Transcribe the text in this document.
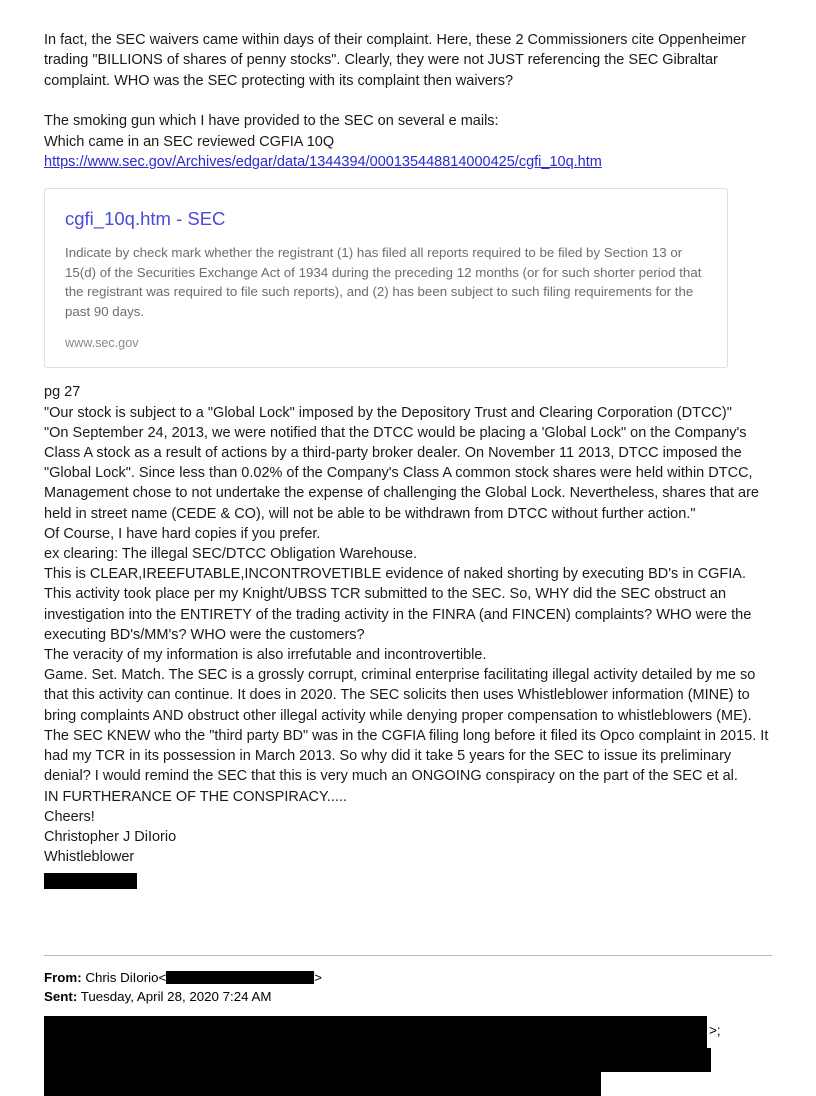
In fact, the SEC waivers came within days of their complaint. Here, these 2 Commissioners cite Oppenheimer trading "BILLIONS of shares of penny stocks". Clearly, they were not JUST referencing the SEC Gibraltar complaint. WHO was the SEC protecting with its complaint then waivers?

The smoking gun which I have provided to the SEC on several e mails:

Which came in an SEC reviewed CGFIA 10Q

https://www.sec.gov/Archives/edgar/data/1344394/000135448814000425/cgfi_10q.htm

cgfi_10q.htm - SEC

Indicate by check mark whether the registrant (1) has filed all reports required to be filed by Section 13 or 15(d) of the Securities Exchange Act of 1934 during the preceding 12 months (or for such shorter period that the registrant was required to file such reports), and (2) has been subject to such filing requirements for the past 90 days.

www.sec.gov

pg 27
"Our stock is subject to a "Global Lock" imposed by the Depository Trust and Clearing Corporation (DTCC)"
"On September 24, 2013, we were notified that the DTCC would be placing a 'Global Lock" on the Company's Class A stock as a result of actions by a third-party broker dealer. On November 11 2013, DTCC imposed the "Global Lock". Since less than 0.02% of the Company's Class A common stock shares were held within DTCC, Management chose to not undertake the expense of challenging the Global Lock. Nevertheless, shares that are held in street name (CEDE & CO), will not be able to be withdrawn from DTCC without further action."
Of Course, I have hard copies if you prefer.
ex clearing: The illegal SEC/DTCC Obligation Warehouse.
This is CLEAR,IREEFUTABLE,INCONTROVETIBLE evidence of naked shorting by executing BD's in CGFIA. This activity took place per my Knight/UBSS TCR submitted to the SEC. So, WHY did the SEC obstruct an investigation into the ENTIRETY of the trading activity in the FINRA (and FINCEN) complaints? WHO were the executing BD's/MM's? WHO were the customers?
The veracity of my information is also irrefutable and incontrovertible.
Game. Set. Match. The SEC is a grossly corrupt, criminal enterprise facilitating illegal activity detailed by me so that this activity can continue. It does in 2020. The SEC solicits then uses Whistleblower information (MINE) to bring complaints AND obstruct other illegal activity while denying proper compensation to whistleblowers (ME). The SEC KNEW who the "third party BD" was in the CGFIA filing long before it filed its Opco complaint in 2015. It had my TCR in its possession in March 2013. So why did it take 5 years for the SEC to issue its preliminary denial? I would remind the SEC that this is very much an ONGOING conspiracy on the part of the SEC et al.
IN FURTHERANCE OF THE CONSPIRACY.....
Cheers!
Christopher J DiIorio
Whistleblower
From: Chris DiIorio<	>
Sent: Tuesday, April 28, 2020 7:24 AM
>;
